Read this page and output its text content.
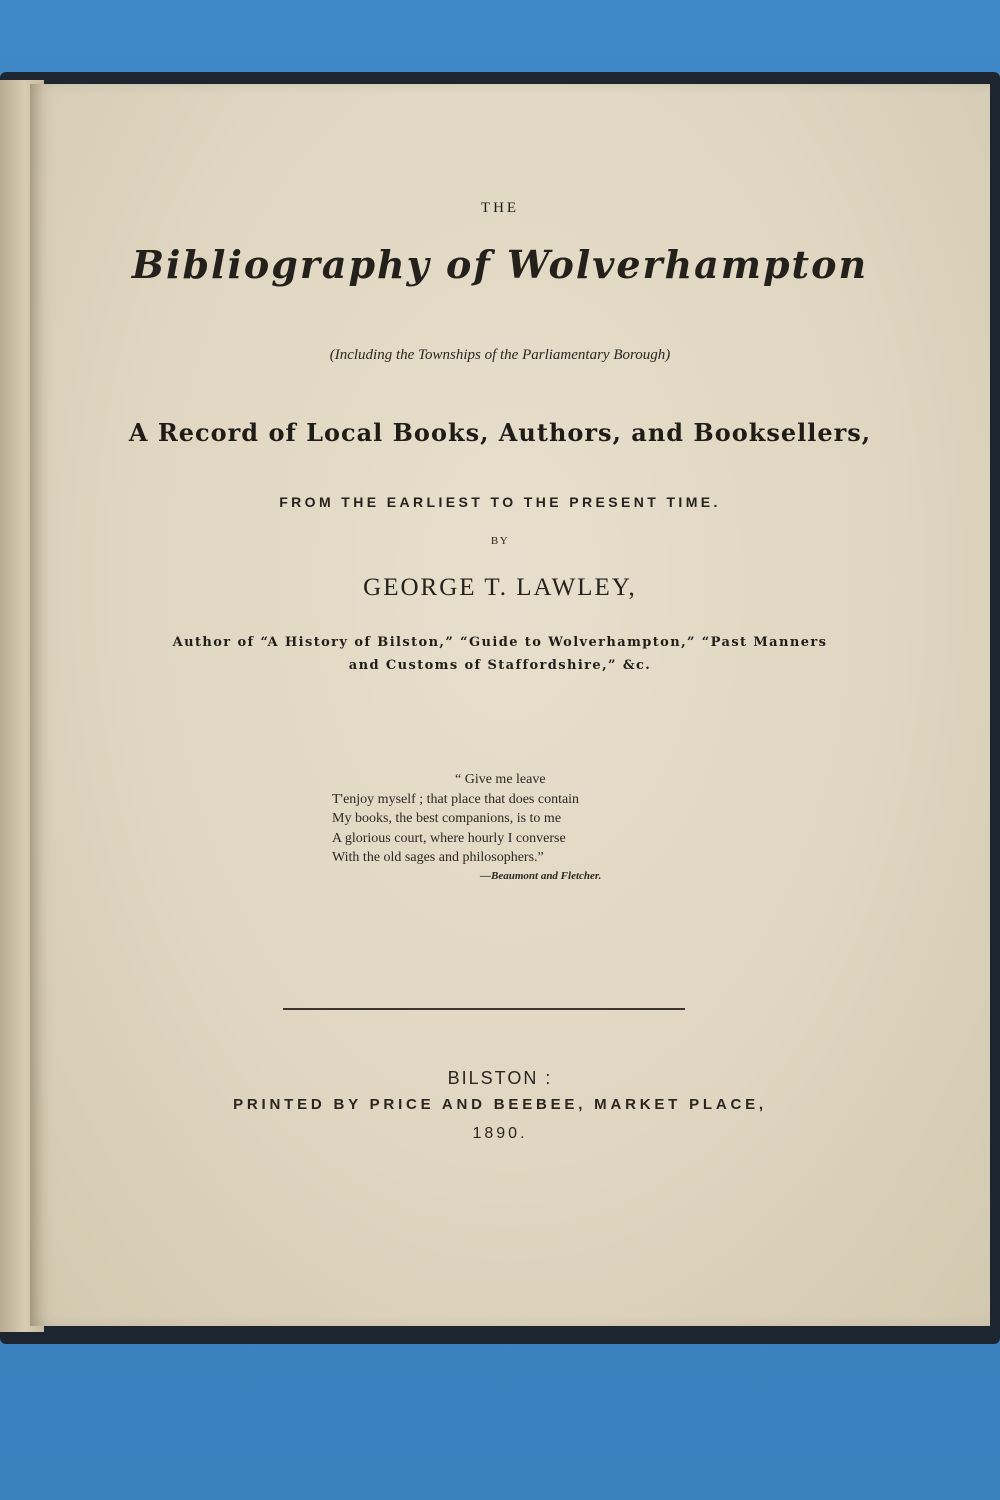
THE
Bibliography of Wolverhampton
(Including the Townships of the Parliamentary Borough)
A Record of Local Books, Authors, and Booksellers,
FROM THE EARLIEST TO THE PRESENT TIME.
BY
GEORGE T. LAWLEY,
Author of “A History of Bilston,” “Guide to Wolverhampton,” “Past Manners
and Customs of Staffordshire,” &c.
“ Give me leave
T'enjoy myself ; that place that does contain
My books, the best companions, is to me
A glorious court, where hourly I converse
With the old sages and philosophers.”
—Beaumont and Fletcher.
BILSTON :
PRINTED BY PRICE AND BEEBEE, MARKET PLACE,
1890.
